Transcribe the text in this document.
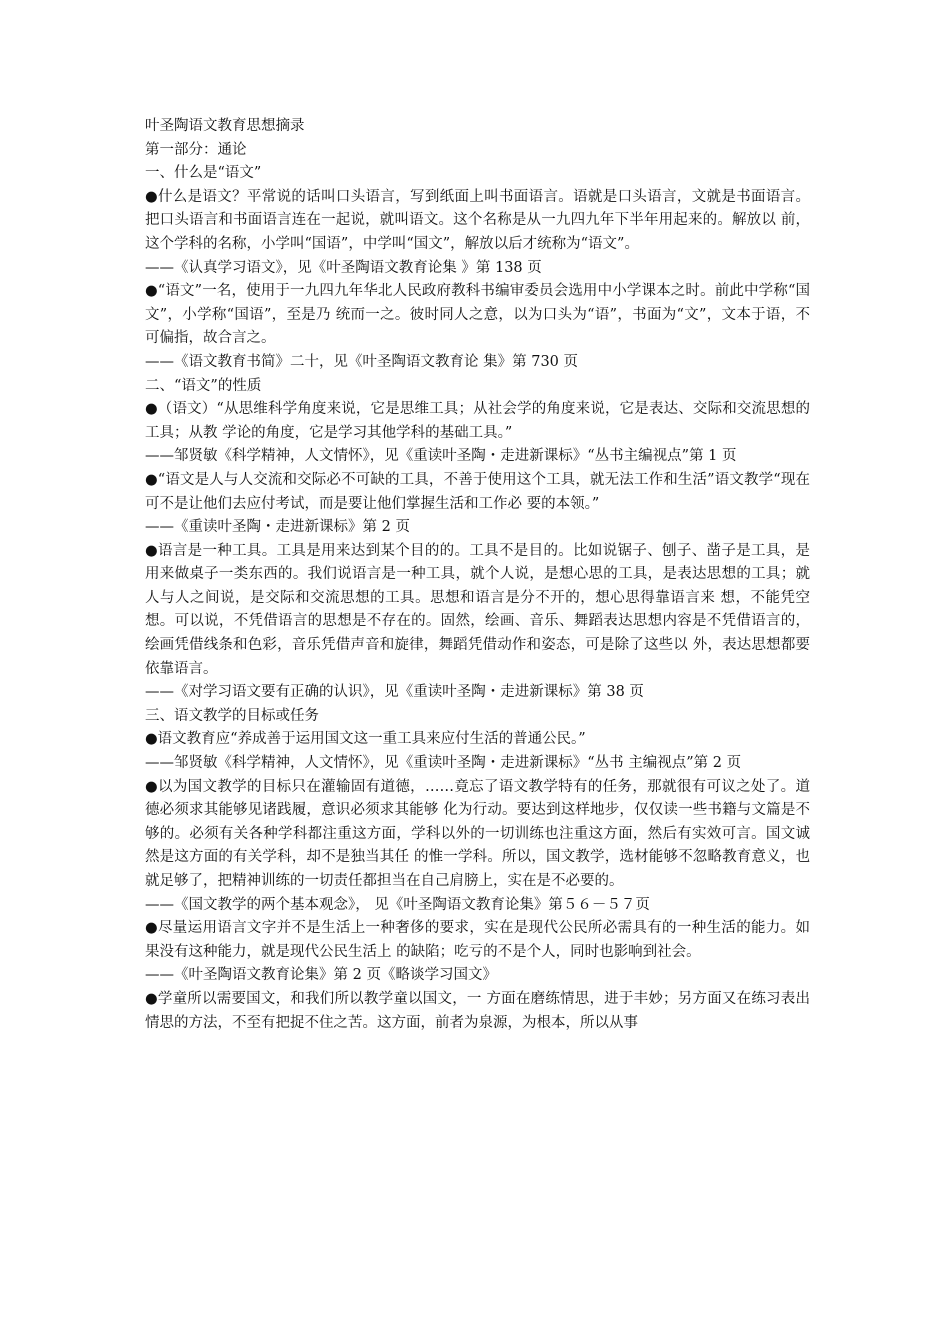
叶圣陶语文教育思想摘录

第一部分：通论

一、什么是“语文”

●什么是语文？平常说的话叫口头语言，写到纸面上叫书面语言。语就是口头语言，文就是书面语言。把口头语言和书面语言连在一起说，就叫语文。这个名称是从一九四九年下半年用起来的。解放以 前，这个学科的名称，小学叫“国语”，中学叫“国文”，解放以后才统称为“语文”。

——《认真学习语文》，见《叶圣陶语文教育论集 》第 138 页

●“语文”一名，使用于一九四九年华北人民政府教科书编审委员会选用中小学课本之时。前此中学称“国文”，小学称“国语”，至是乃 统而一之。彼时同人之意，以为口头为“语”，书面为“文”，文本于语，不可偏指，故合言之。

——《语文教育书简》二十，见《叶圣陶语文教育论 集》第 730 页

二、“语文”的性质

●（语文）“从思维科学角度来说，它是思维工具；从社会学的角度来说，它是表达、交际和交流思想的工具；从教 学论的角度，它是学习其他学科的基础工具。”

——邹贤敏《科学精神，人文情怀》，见《重读叶圣陶・走进新课标》“丛书主编视点”第 1 页

●“语文是人与人交流和交际必不可缺的工具，不善于使用这个工具，就无法工作和生活”语文教学“现在可不是让他们去应付考试，而是要让他们掌握生活和工作必 要的本领。”

——《重读叶圣陶・走进新课标》第 2 页

●语言是一种工具。工具是用来达到某个目的的。工具不是目的。比如说锯子、刨子、凿子是工具，是用来做桌子一类东西的。我们说语言是一种工具，就个人说，是想心思的工具，是表达思想的工具；就人与人之间说，是交际和交流思想的工具。思想和语言是分不开的，想心思得靠语言来 想，不能凭空想。可以说，不凭借语言的思想是不存在的。固然，绘画、音乐、舞蹈表达思想内容是不凭借语言的，绘画凭借线条和色彩，音乐凭借声音和旋律，舞蹈凭借动作和姿态，可是除了这些以 外，表达思想都要依靠语言。

——《对学习语文要有正确的认识》，见《重读叶圣陶・走进新课标》第 38 页

三、语文教学的目标或任务

●语文教育应“养成善于运用国文这一重工具来应付生活的普通公民。”

——邹贤敏《科学精神，人文情怀》，见《重读叶圣陶・走进新课标》“丛书 主编视点”第 2 页

●以为国文教学的目标只在灌输固有道德，……竟忘了语文教学特有的任务，那就很有可议之处了。道德必须求其能够见诸践履，意识必须求其能够 化为行动。要达到这样地步，仅仅读一些书籍与文篇是不够的。必须有关各种学科都注重这方面，学科以外的一切训练也注重这方面，然后有实效可言。国文诚然是这方面的有关学科，却不是独当其任 的惟一学科。所以，国文教学，选材能够不忽略教育意义，也就足够了，把精神训练的一切责任都担当在自己肩膀上，实在是不必要的。

——《国文教学的两个基本观念》， 见《叶圣陶语文教育论集》第５６－５７页

●尽量运用语言文字并不是生活上一种奢侈的要求，实在是现代公民所必需具有的一种生活的能力。如果没有这种能力，就是现代公民生活上 的缺陷；吃亏的不是个人，同时也影响到社会。

——《叶圣陶语文教育论集》第 2 页《略谈学习国文》

●学童所以需要国文，和我们所以教学童以国文，一 方面在磨练情思，进于丰妙；另方面又在练习表出情思的方法，不至有把捉不住之苦。这方面，前者为泉源，为根本，所以从事
